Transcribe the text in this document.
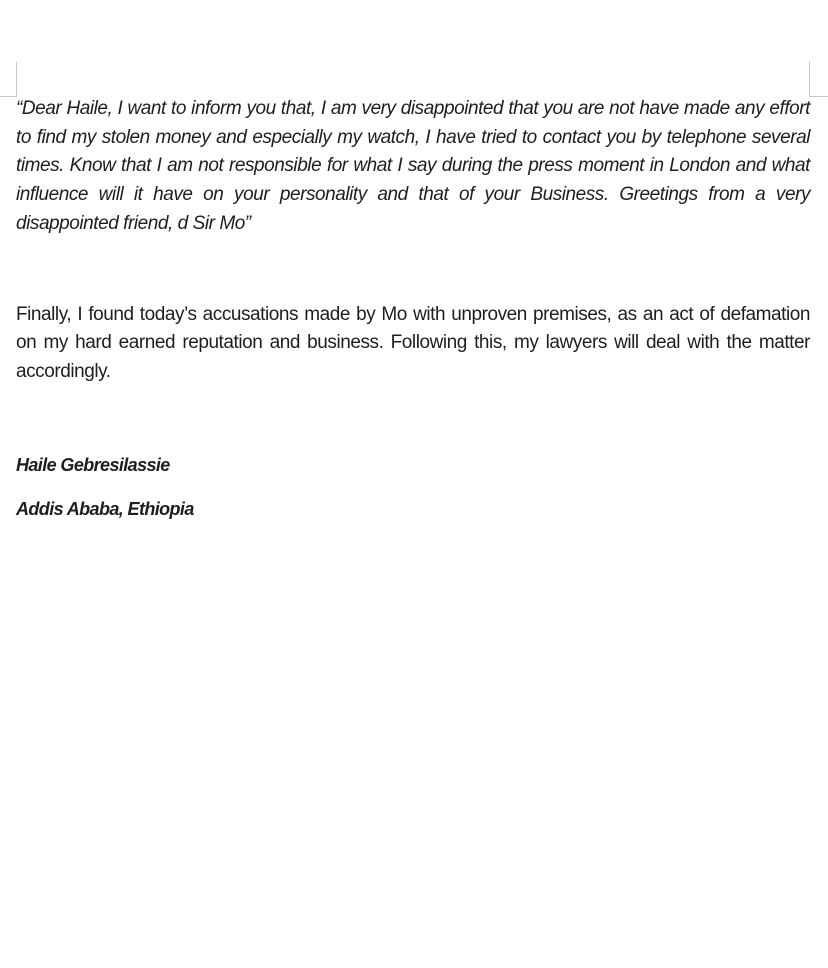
“Dear Haile, I want to inform you that, I am very disappointed that you are not have made any effort to find my stolen money and especially my watch, I have tried to contact you by telephone several times. Know that I am not responsible for what I say during the press moment in London and what influence will it have on your personality and that of your Business. Greetings from a very disappointed friend, d Sir Mo”

Finally, I found today’s accusations made by Mo with unproven premises, as an act of defamation on my hard earned reputation and business. Following this, my lawyers will deal with the matter accordingly.

Haile Gebresilassie

Addis Ababa, Ethiopia
